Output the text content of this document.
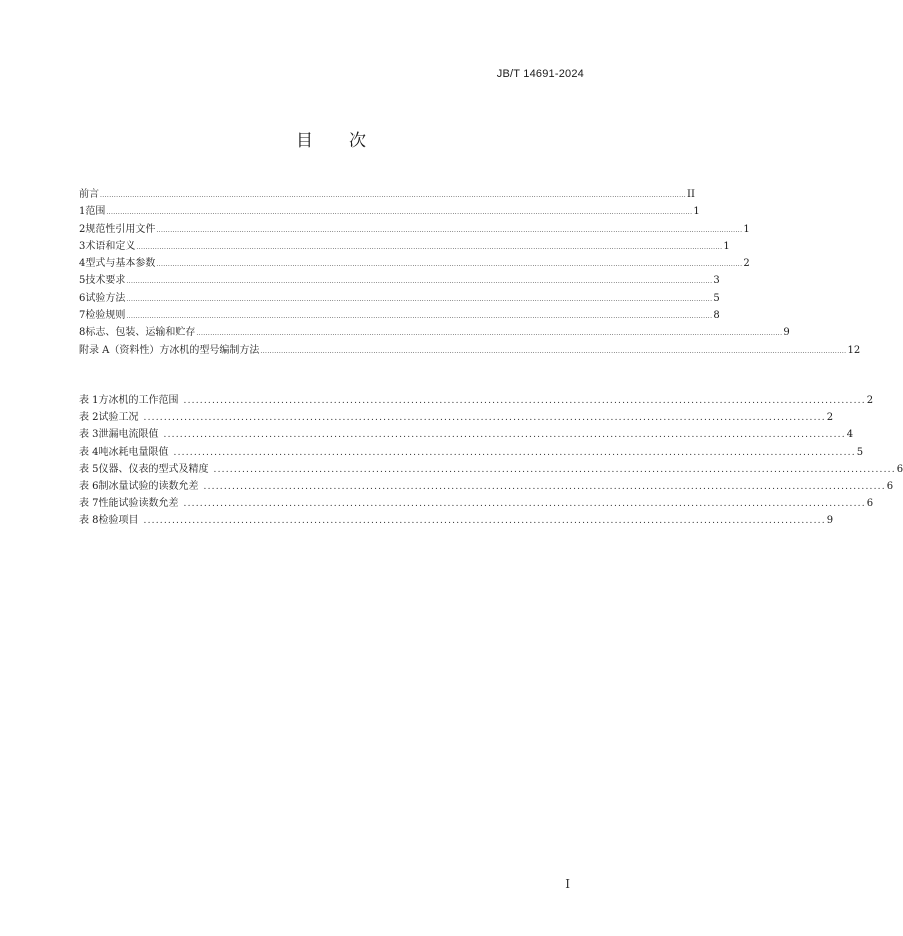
JB/T 14691-2024
目 次
前言 .............................................................................................................................................................................................................................................................. II
1 范围 .............................................................................................................................................................................................................................................................. 1
2 规范性引用文件 .............................................................................................................................................................................................................................................................. 1
3 术语和定义 .............................................................................................................................................................................................................................................................. 1
4 型式与基本参数 .............................................................................................................................................................................................................................................................. 2
5 技术要求 .............................................................................................................................................................................................................................................................. 3
6 试验方法 .............................................................................................................................................................................................................................................................. 5
7 检验规则 .............................................................................................................................................................................................................................................................. 8
8 标志、包装、运输和贮存 .............................................................................................................................................................................................................................................................. 9
附录 A（资料性）方冰机的型号编制方法 .............................................................................................................................................................................................................................................................. 12
表 1 方冰机的工作范围 ........................................................................................................................................................................ 2
表 2 试验工况 ........................................................................................................................................................................ 2
表 3 泄漏电流限值 ........................................................................................................................................................................ 4
表 4 吨冰耗电量限值 ........................................................................................................................................................................ 5
表 5 仪器、仪表的型式及精度 ........................................................................................................................................................................ 6
表 6 制冰量试验的读数允差 ........................................................................................................................................................................ 6
表 7 性能试验读数允差 ........................................................................................................................................................................ 6
表 8 检验项目 ........................................................................................................................................................................ 9
I
